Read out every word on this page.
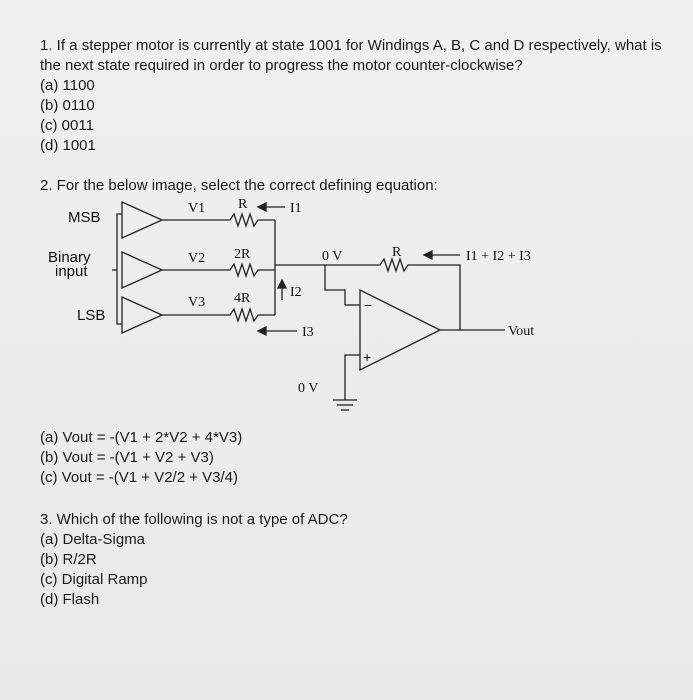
1. If a stepper motor is currently at state 1001 for Windings A, B, C and D respectively, what is

the next state required in order to progress the motor counter-clockwise?

(a) 1100

(b) 0110

(c) 0011

(d) 1001

2. For the below image, select the correct defining equation:

MSB
Binary
input
LSB
V1
V2
V3
R
2R
4R
I1
I2
I3
0 V
0 V
R	I1 + I2 + I3
Vout
−
+

(a) Vout = -(V1 + 2*V2 + 4*V3)

(b) Vout = -(V1 + V2 + V3)

(c) Vout = -(V1 + V2/2 + V3/4)

3. Which of the following is not a type of ADC?

(a) Delta-Sigma

(b) R/2R

(c) Digital Ramp

(d) Flash
